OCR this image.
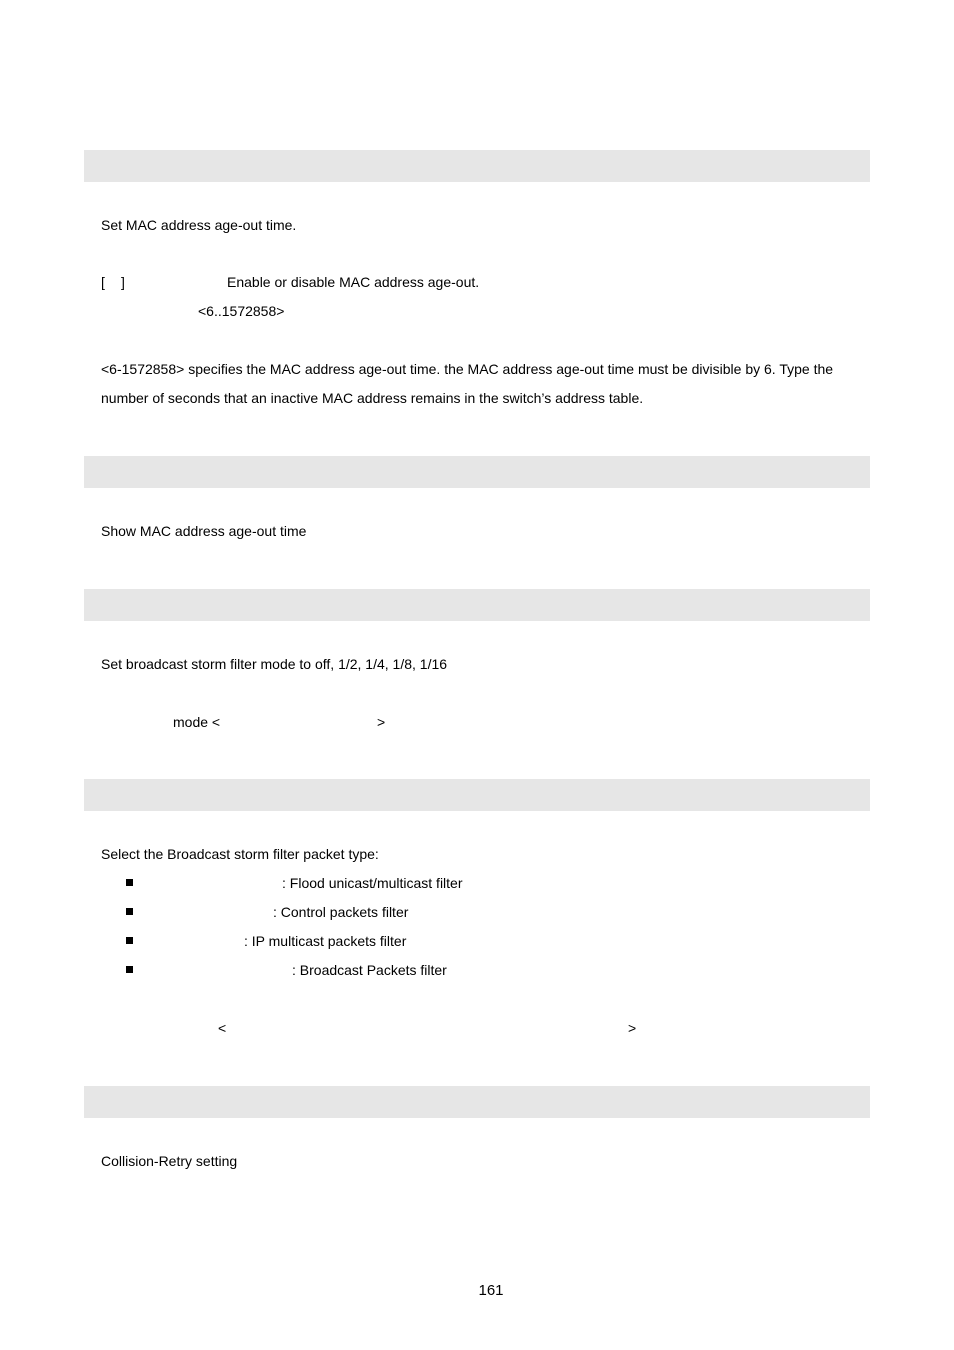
Set MAC address age-out time.
[ ]	Enable or disable MAC address age-out.
<6..1572858>
<6-1572858> specifies the MAC address age-out time. the MAC address age-out time must be divisible by 6. Type the
number of seconds that an inactive MAC address remains in the switch’s address table.
Show MAC address age-out time
Set broadcast storm filter mode to off, 1/2, 1/4, 1/8, 1/16
mode <	>
Select the Broadcast storm filter packet type:
: Flood unicast/multicast filter
: Control packets filter
: IP multicast packets filter
: Broadcast Packets filter
<	>
Collision-Retry setting
161
